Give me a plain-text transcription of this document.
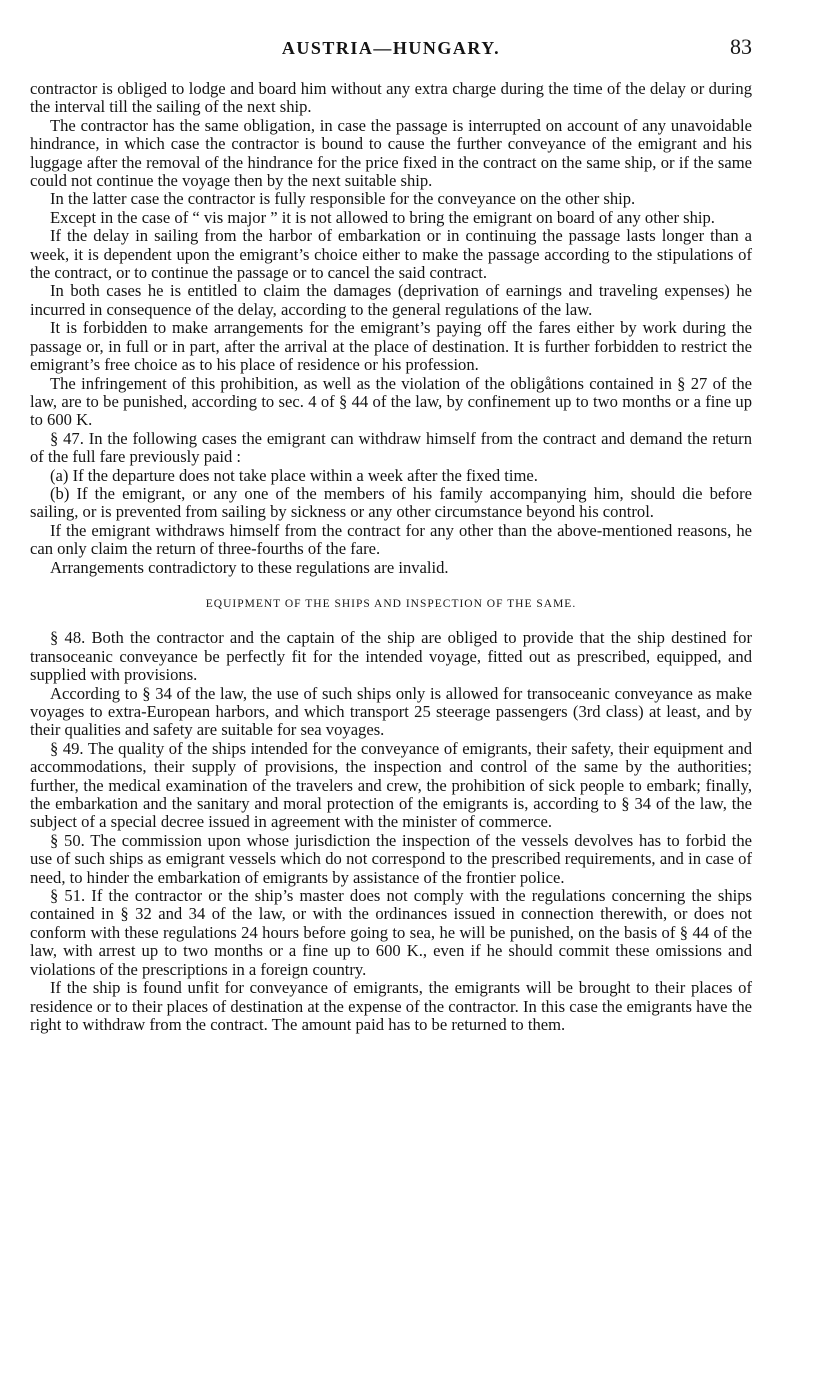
AUSTRIA—HUNGARY.	83

contractor is obliged to lodge and board him without any extra charge during the time of the delay or during the interval till the sailing of the next ship.

The contractor has the same obligation, in case the passage is interrupted on account of any unavoidable hindrance, in which case the contractor is bound to cause the further conveyance of the emigrant and his luggage after the removal of the hindrance for the price fixed in the contract on the same ship, or if the same could not continue the voyage then by the next suitable ship.

In the latter case the contractor is fully responsible for the conveyance on the other ship.

Except in the case of “ vis major ” it is not allowed to bring the emigrant on board of any other ship.

If the delay in sailing from the harbor of embarkation or in continuing the passage lasts longer than a week, it is dependent upon the emigrant’s choice either to make the passage according to the stipulations of the contract, or to continue the passage or to cancel the said contract.

In both cases he is entitled to claim the damages (deprivation of earnings and traveling expenses) he incurred in consequence of the delay, according to the general regulations of the law.

It is forbidden to make arrangements for the emigrant’s paying off the fares either by work during the passage or, in full or in part, after the arrival at the place of destination. It is further forbidden to restrict the emigrant’s free choice as to his place of residence or his profession.

The infringement of this prohibition, as well as the violation of the obligåtions contained in § 27 of the law, are to be punished, according to sec. 4 of § 44 of the law, by confinement up to two months or a fine up to 600 K.

§ 47. In the following cases the emigrant can withdraw himself from the contract and demand the return of the full fare previously paid :

(a) If the departure does not take place within a week after the fixed time.

(b) If the emigrant, or any one of the members of his family accompanying him, should die before sailing, or is prevented from sailing by sickness or any other circumstance beyond his control.

If the emigrant withdraws himself from the contract for any other than the above-mentioned reasons, he can only claim the return of three-fourths of the fare.

Arrangements contradictory to these regulations are invalid.

EQUIPMENT OF THE SHIPS AND INSPECTION OF THE SAME.

§ 48. Both the contractor and the captain of the ship are obliged to provide that the ship destined for transoceanic conveyance be perfectly fit for the intended voyage, fitted out as prescribed, equipped, and supplied with provisions.

According to § 34 of the law, the use of such ships only is allowed for transoceanic conveyance as make voyages to extra-European harbors, and which transport 25 steerage passengers (3rd class) at least, and by their qualities and safety are suitable for sea voyages.

§ 49. The quality of the ships intended for the conveyance of emigrants, their safety, their equipment and accommodations, their supply of provisions, the inspection and control of the same by the authorities; further, the medical examination of the travelers and crew, the prohibition of sick people to embark; finally, the embarkation and the sanitary and moral protection of the emigrants is, according to § 34 of the law, the subject of a special decree issued in agreement with the minister of commerce.

§ 50. The commission upon whose jurisdiction the inspection of the vessels devolves has to forbid the use of such ships as emigrant vessels which do not correspond to the prescribed requirements, and in case of need, to hinder the embarkation of emigrants by assistance of the frontier police.

§ 51. If the contractor or the ship’s master does not comply with the regulations concerning the ships contained in § 32 and 34 of the law, or with the ordinances issued in connection therewith, or does not conform with these regulations 24 hours before going to sea, he will be punished, on the basis of § 44 of the law, with arrest up to two months or a fine up to 600 K., even if he should commit these omissions and violations of the prescriptions in a foreign country.

If the ship is found unfit for conveyance of emigrants, the emigrants will be brought to their places of residence or to their places of destination at the expense of the contractor. In this case the emigrants have the right to withdraw from the contract. The amount paid has to be returned to them.
